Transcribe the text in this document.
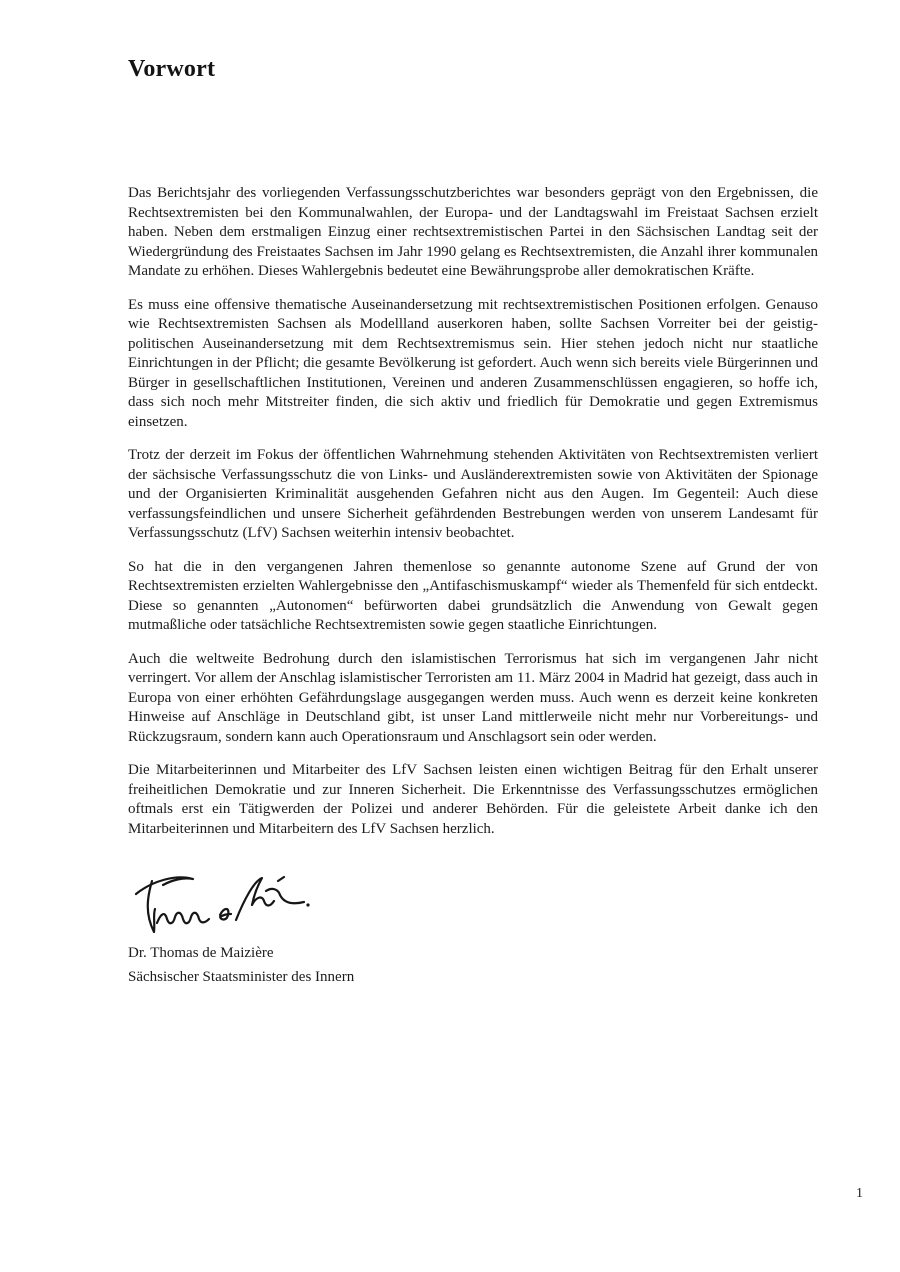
Vorwort

Das Berichtsjahr des vorliegenden Verfassungsschutzberichtes war besonders geprägt von den Ergebnissen, die Rechtsextremisten bei den Kommunalwahlen, der Europa- und der Landtagswahl im Freistaat Sachsen erzielt haben. Neben dem erstmaligen Einzug einer rechtsextremistischen Partei in den Sächsischen Landtag seit der Wiedergründung des Freistaates Sachsen im Jahr 1990 gelang es Rechtsextremisten, die Anzahl ihrer kommunalen Mandate zu erhöhen. Dieses Wahlergebnis bedeutet eine Bewährungsprobe aller demokratischen Kräfte.

Es muss eine offensive thematische Auseinandersetzung mit rechtsextremistischen Positionen erfolgen. Genauso wie Rechtsextremisten Sachsen als Modellland auserkoren haben, sollte Sachsen Vorreiter bei der geistig-politischen Auseinandersetzung mit dem Rechtsextremismus sein. Hier stehen jedoch nicht nur staatliche Einrichtungen in der Pflicht; die gesamte Bevölkerung ist gefordert. Auch wenn sich bereits viele Bürgerinnen und Bürger in gesellschaftlichen Institutionen, Vereinen und anderen Zusammenschlüssen engagieren, so hoffe ich, dass sich noch mehr Mitstreiter finden, die sich aktiv und friedlich für Demokratie und gegen Extremismus einsetzen.

Trotz der derzeit im Fokus der öffentlichen Wahrnehmung stehenden Aktivitäten von Rechtsextremisten verliert der sächsische Verfassungsschutz die von Links- und Ausländerextremisten sowie von Aktivitäten der Spionage und der Organisierten Kriminalität ausgehenden Gefahren nicht aus den Augen. Im Gegenteil: Auch diese verfassungsfeindlichen und unsere Sicherheit gefährdenden Bestrebungen werden von unserem Landesamt für Verfassungsschutz (LfV) Sachsen weiterhin intensiv beobachtet.

So hat die in den vergangenen Jahren themenlose so genannte autonome Szene auf Grund der von Rechtsextremisten erzielten Wahlergebnisse den „Antifaschismuskampf“ wieder als Themenfeld für sich entdeckt. Diese so genannten „Autonomen“ befürworten dabei grundsätzlich die Anwendung von Gewalt gegen mutmaßliche oder tatsächliche Rechtsextremisten sowie gegen staatliche Einrichtungen.

Auch die weltweite Bedrohung durch den islamistischen Terrorismus hat sich im vergangenen Jahr nicht verringert. Vor allem der Anschlag islamistischer Terroristen am 11. März 2004 in Madrid hat gezeigt, dass auch in Europa von einer erhöhten Gefährdungslage ausgegangen werden muss. Auch wenn es derzeit keine konkreten Hinweise auf Anschläge in Deutschland gibt, ist unser Land mittlerweile nicht mehr nur Vorbereitungs- und Rückzugsraum, sondern kann auch Operationsraum und Anschlagsort sein oder werden.

Die Mitarbeiterinnen und Mitarbeiter des LfV Sachsen leisten einen wichtigen Beitrag für den Erhalt unserer freiheitlichen Demokratie und zur Inneren Sicherheit. Die Erkenntnisse des Verfassungsschutzes ermöglichen oftmals erst ein Tätigwerden der Polizei und anderer Behörden. Für die geleistete Arbeit danke ich den Mitarbeiterinnen und Mitarbeitern des LfV Sachsen herzlich.

Dr. Thomas de Maizière
Sächsischer Staatsminister des Innern
1
